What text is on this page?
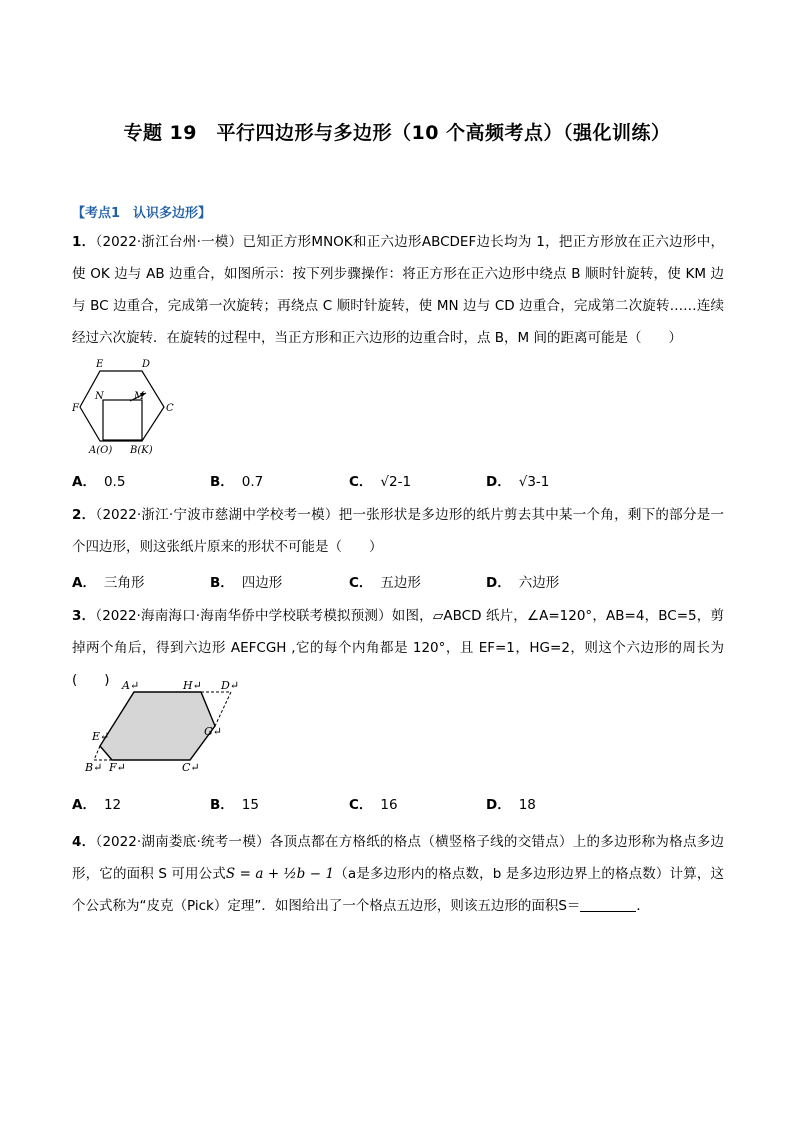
专题 19　平行四边形与多边形（10 个高频考点）（强化训练）
【考点1　认识多边形】
1．（2022·浙江台州·一模）已知正方形MNOK和正六边形ABCDEF边长均为 1，把正方形放在正六边形中，使 OK 边与 AB 边重合，如图所示：按下列步骤操作：将正方形在正六边形中绕点 B 顺时针旋转，使 KM 边与 BC 边重合，完成第一次旋转；再绕点 C 顺时针旋转，使 MN 边与 CD 边重合，完成第二次旋转……连续经过六次旋转．在旋转的过程中，当正方形和正六边形的边重合时，点 B，M 间的距离可能是（　　）
E	D
F	C
N	M
A(O) B(K)
A． 0.5	B． 0.7	C． √2-1	D． √3-1
2．（2022·浙江·宁波市慈湖中学校考一模）把一张形状是多边形的纸片剪去其中某一个角，剩下的部分是一个四边形，则这张纸片原来的形状不可能是（　　）
A． 三角形	B． 四边形	C． 五边形	D． 六边形
3．（2022·海南海口·海南华侨中学校联考模拟预测）如图，▱ABCD 纸片，∠A=120°，AB=4，BC=5，剪掉两个角后，得到六边形 AEFCGH ,它的每个内角都是 120°，且 EF=1，HG=2，则这个六边形的周长为(　　)	A↵	H↵ D↵
E↵	G↵
B↵ F↵	C↵
A． 12	B． 15	C． 16	D． 18
4．（2022·湖南娄底·统考一模）各顶点都在方格纸的格点（横竖格子线的交错点）上的多边形称为格点多边形，它的面积 S 可用公式S = a + ½b − 1（a是多边形内的格点数，b 是多边形边界上的格点数）计算，这个公式称为“皮克（Pick）定理”．如图给出了一个格点五边形，则该五边形的面积S＝	．
